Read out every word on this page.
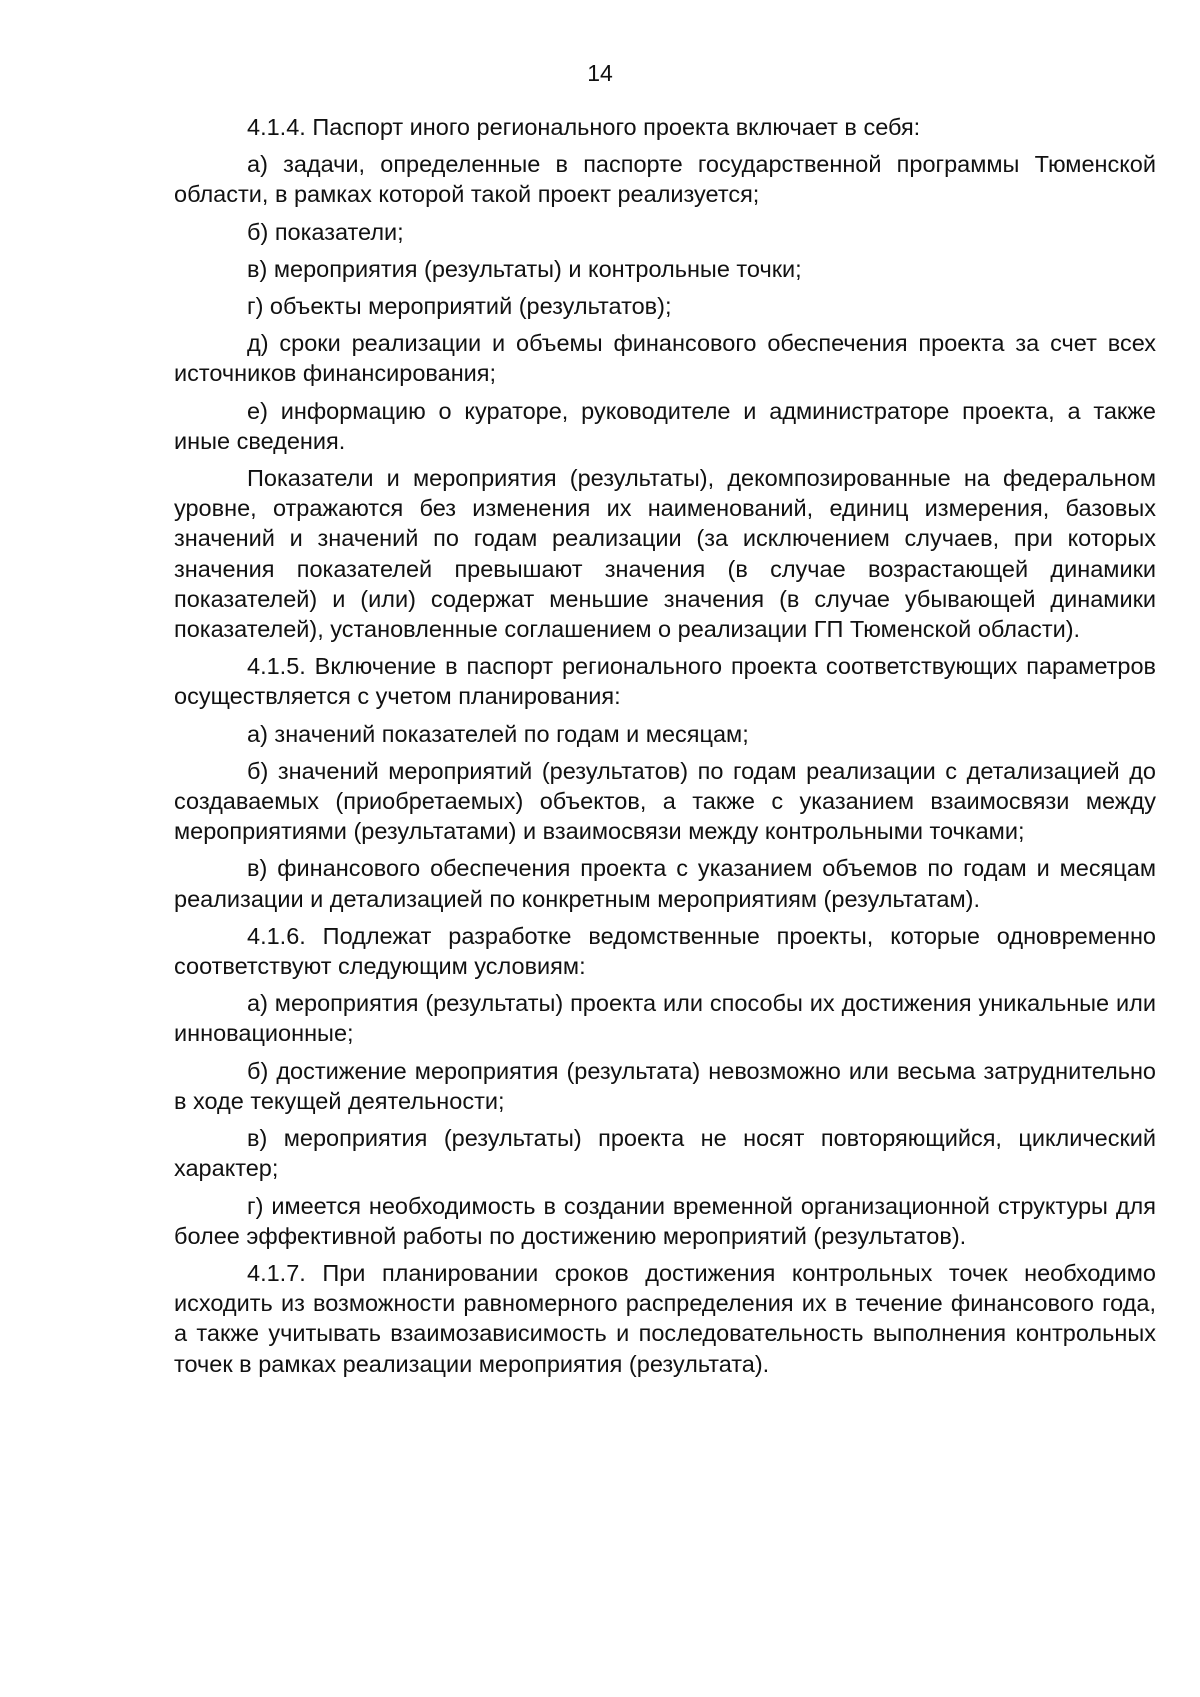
14

4.1.4. Паспорт иного регионального проекта включает в себя:

а) задачи, определенные в паспорте государственной программы Тюменской области, в рамках которой такой проект реализуется;

б) показатели;

в) мероприятия (результаты) и контрольные точки;

г) объекты мероприятий (результатов);

д) сроки реализации и объемы финансового обеспечения проекта за счет всех источников финансирования;

е) информацию о кураторе, руководителе и администраторе проекта, а также иные сведения.

Показатели и мероприятия (результаты), декомпозированные на федеральном уровне, отражаются без изменения их наименований, единиц измерения, базовых значений и значений по годам реализации (за исключением случаев, при которых значения показателей превышают значения (в случае возрастающей динамики показателей) и (или) содержат меньшие значения (в случае убывающей динамики показателей), установленные соглашением о реализации ГП Тюменской области).

4.1.5. Включение в паспорт регионального проекта соответствующих параметров осуществляется с учетом планирования:

а) значений показателей по годам и месяцам;

б) значений мероприятий (результатов) по годам реализации с детализацией до создаваемых (приобретаемых) объектов, а также с указанием взаимосвязи между мероприятиями (результатами) и взаимосвязи между контрольными точками;

в) финансового обеспечения проекта с указанием объемов по годам и месяцам реализации и детализацией по конкретным мероприятиям (результатам).

4.1.6. Подлежат разработке ведомственные проекты, которые одновременно соответствуют следующим условиям:

а) мероприятия (результаты) проекта или способы их достижения уникальные или инновационные;

б) достижение мероприятия (результата) невозможно или весьма затруднительно в ходе текущей деятельности;

в) мероприятия (результаты) проекта не носят повторяющийся, циклический характер;

г) имеется необходимость в создании временной организационной структуры для более эффективной работы по достижению мероприятий (результатов).

4.1.7. При планировании сроков достижения контрольных точек необходимо исходить из возможности равномерного распределения их в течение финансового года, а также учитывать взаимозависимость и последовательность выполнения контрольных точек в рамках реализации мероприятия (результата).
